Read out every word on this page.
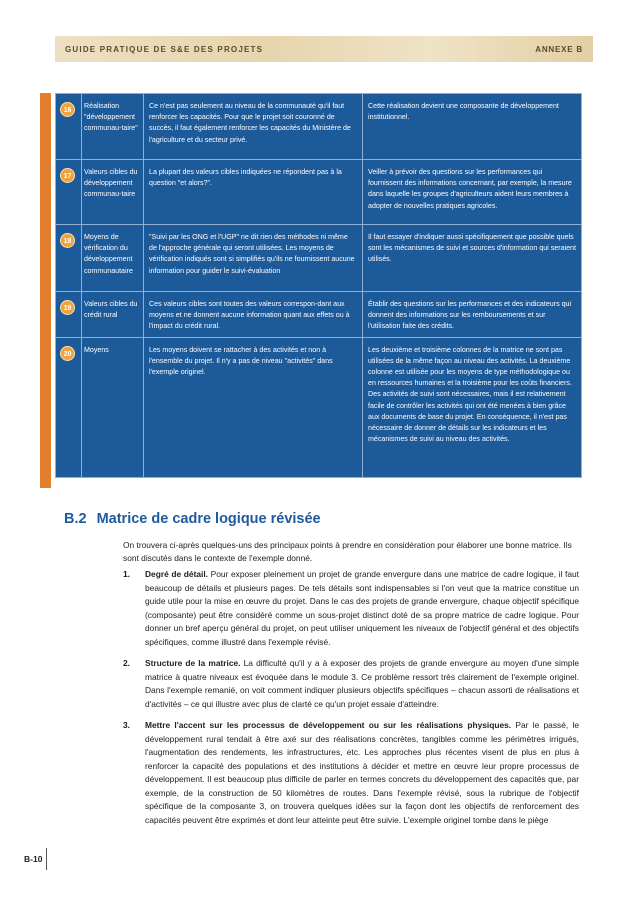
GUIDE PRATIQUE DE S&E DES PROJETS	ANNEXE B
16	Réalisation "développement communau-taire"	Ce n'est pas seulement au niveau de la communauté qu'il faut renforcer les capacités. Pour que le projet soit couronné de succès, il faut également renforcer les capacités du Ministère de l'agriculture et du secteur privé.	Cette réalisation devient une composante de développement institutionnel.
17	Valeurs cibles du développement communau-taire	La plupart des valeurs cibles indiquées ne répondent pas à la question "et alors?".	Veiller à prévoir des questions sur les performances qui fournissent des informations concernant, par exemple, la mesure dans laquelle les groupes d'agriculteurs aident leurs membres à adopter de nouvelles pratiques agricoles.
18	Moyens de vérification du développement communautaire	"Suivi par les ONG et l'UGP" ne dit rien des méthodes ni même de l'approche générale qui seront utilisées. Les moyens de vérification indiqués sont si simplifiés qu'ils ne fournissent aucune information pour guider le suivi-évaluation	Il faut essayer d'indiquer aussi spécifiquement que possible quels sont les mécanismes de suivi et sources d'information qui seraient utilisés.
19	Valeurs cibles du crédit rural	Ces valeurs cibles sont toutes des valeurs correspon-dant aux moyens et ne donnent aucune information quant aux effets ou à l'impact du crédit rural.	Établir des questions sur les performances et des indicateurs qui donnent des informations sur les remboursements et sur l'utilisation faite des crédits.
20	Moyens	Les moyens doivent se rattacher à des activités et non à l'ensemble du projet. Il n'y a pas de niveau "activités" dans l'exemple originel.	Les deuxième et troisième colonnes de la matrice ne sont pas utilisées de la même façon au niveau des activités. La deuxième colonne est utilisée pour les moyens de type méthodologique ou en ressources humaines et la troisième pour les coûts financiers. Des activités de suivi sont nécessaires, mais il est relativement facile de contrôler les activités qui ont été menées à bien grâce aux documents de base du projet. En conséquence, il n'est pas nécessaire de donner de détails sur les indicateurs et les mécanismes de suivi au niveau des activités.
B.2 Matrice de cadre logique révisée
On trouvera ci-après quelques-uns des principaux points à prendre en considération pour élaborer une bonne matrice. Ils sont discutés dans le contexte de l'exemple donné.
1.	Degré de détail. Pour exposer pleinement un projet de grande envergure dans une matrice de cadre logique, il faut beaucoup de détails et plusieurs pages. De tels détails sont indispensables si l'on veut que la matrice constitue un guide utile pour la mise en œuvre du projet. Dans le cas des projets de grande envergure, chaque objectif spécifique (composante) peut être considéré comme un sous-projet distinct doté de sa propre matrice de cadre logique. Pour donner un bref aperçu général du projet, on peut utiliser uniquement les niveaux de l'objectif général et des objectifs spécifiques, comme illustré dans l'exemple révisé.
2.	Structure de la matrice. La difficulté qu'il y a à exposer des projets de grande envergure au moyen d'une simple matrice à quatre niveaux est évoquée dans le module 3. Ce problème ressort très clairement de l'exemple originel. Dans l'exemple remanié, on voit comment indiquer plusieurs objectifs spécifiques – chacun assorti de réalisations et d'activités – ce qui illustre avec plus de clarté ce qu'un projet essaie d'atteindre.
3.	Mettre l'accent sur les processus de développement ou sur les réalisations physiques. Par le passé, le développement rural tendait à être axé sur des réalisations concrètes, tangibles comme les périmètres irrigués, l'augmentation des rendements, les infrastructures, etc. Les approches plus récentes visent de plus en plus à renforcer la capacité des populations et des institutions à décider et mettre en œuvre leur propre processus de développement. Il est beaucoup plus difficile de parler en termes concrets du développement des capacités que, par exemple, de la construction de 50 kilomètres de routes. Dans l'exemple révisé, sous la rubrique de l'objectif spécifique de la composante 3, on trouvera quelques idées sur la façon dont les objectifs de renforcement des capacités peuvent être exprimés et dont leur atteinte peut être suivie. L'exemple originel tombe dans le piège
B-10
